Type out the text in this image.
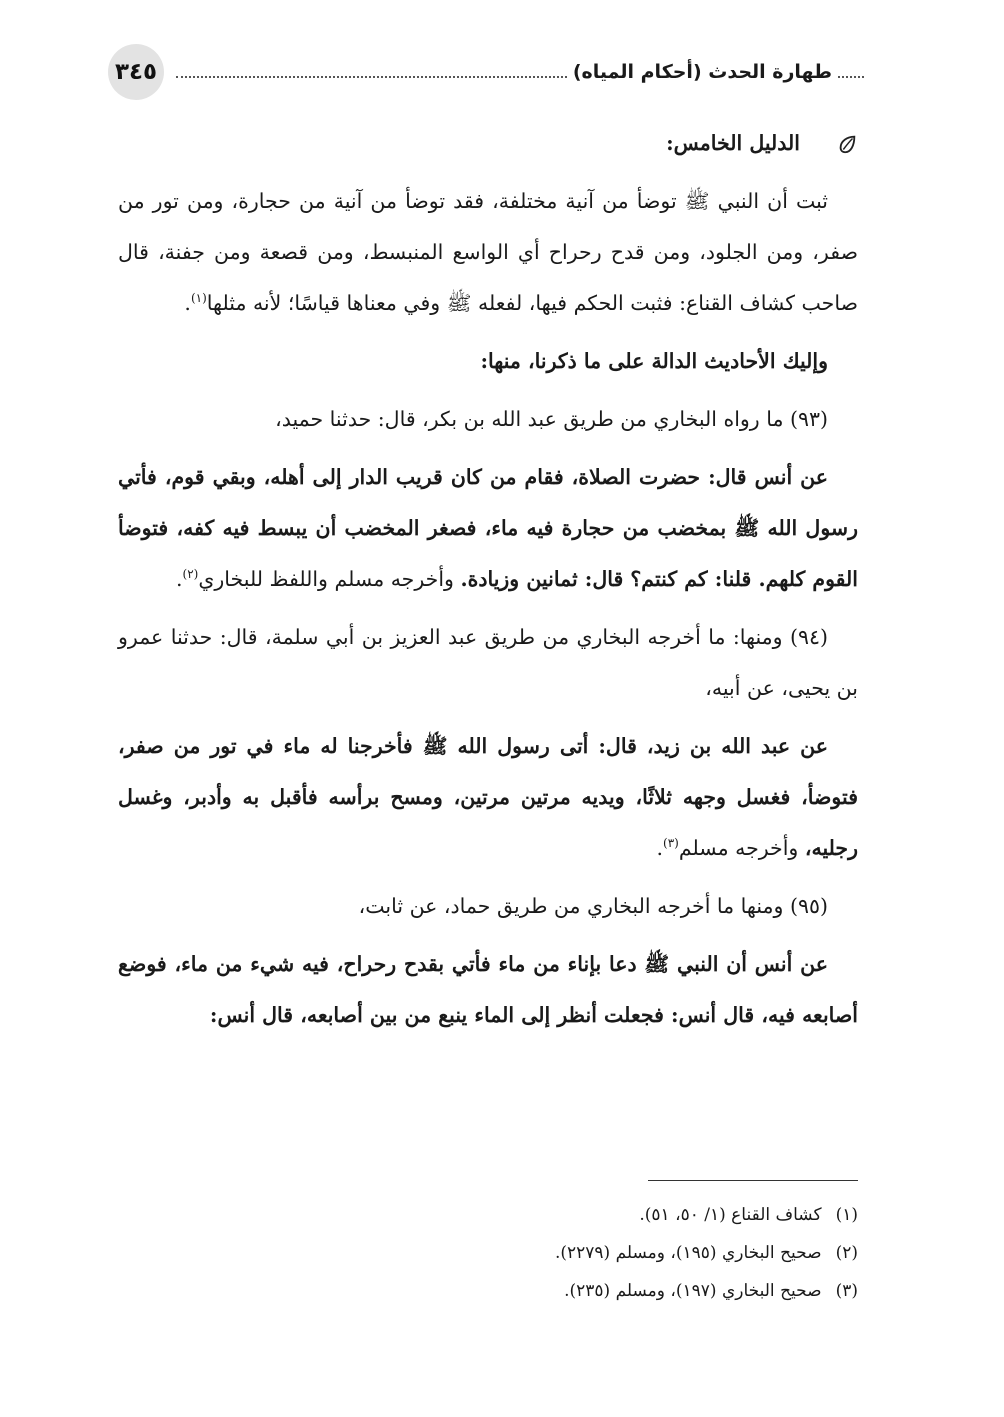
٣٤٥	طهارة الحدث (أحكام المياه)

الدليل الخامس:

ثبت أن النبي ﷺ توضأ من آنية مختلفة، فقد توضأ من آنية من حجارة، ومن تور من صفر، ومن الجلود، ومن قدح رحراح أي الواسع المنبسط، ومن قصعة ومن جفنة، قال صاحب كشاف القناع: فثبت الحكم فيها، لفعله ﷺ وفي معناها قياسًا؛ لأنه مثلها$^{(١)}$.

وإليك الأحاديث الدالة على ما ذكرنا، منها:

(٩٣) ما رواه البخاري من طريق عبد الله بن بكر، قال: حدثنا حميد،

عن أنس قال: حضرت الصلاة، فقام من كان قريب الدار إلى أهله، وبقي قوم، فأتي رسول الله ﷺ بمخضب من حجارة فيه ماء، فصغر المخضب أن يبسط فيه كفه، فتوضأ القوم كلهم. قلنا: كم كنتم؟ قال: ثمانين وزيادة. وأخرجه مسلم واللفظ للبخاري$^{(٢)}$.

(٩٤) ومنها: ما أخرجه البخاري من طريق عبد العزيز بن أبي سلمة، قال: حدثنا عمرو بن يحيى، عن أبيه،

عن عبد الله بن زيد، قال: أتى رسول الله ﷺ فأخرجنا له ماء في تور من صفر، فتوضأ، فغسل وجهه ثلاثًا، ويديه مرتين مرتين، ومسح برأسه فأقبل به وأدبر، وغسل رجليه، وأخرجه مسلم$^{(٣)}$.

(٩٥) ومنها ما أخرجه البخاري من طريق حماد، عن ثابت،

عن أنس أن النبي ﷺ دعا بإناء من ماء فأتي بقدح رحراح، فيه شيء من ماء، فوضع أصابعه فيه، قال أنس: فجعلت أنظر إلى الماء ينبع من بين أصابعه، قال أنس:

(١)
كشاف القناع (١/ ٥٠، ٥١).
(٢)
صحيح البخاري (١٩٥)، ومسلم (٢٢٧٩).
(٣)
صحيح البخاري (١٩٧)، ومسلم (٢٣٥).
